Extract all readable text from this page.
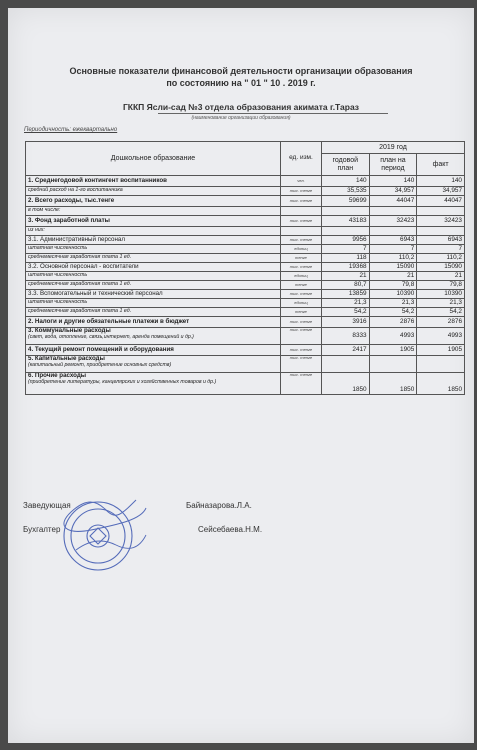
Основные показатели финансовой деятельности организации образования
по состоянию на " 01 " 10 . 2019 г.
ГККП Ясли-сад №3 отдела образования акимата г.Тараз
(наименование организации образования)
Периодичность: ежеквартально
Дошкольное образование	ед. изм.	2019 год		
		годовой план	план на период	факт
1. Среднегодовой контингент воспитанников	чел.	140	140	140
средний расход на 1-го воспитанника	тыс. тенге	35,535	34,957	34,957
2. Всего расходы, тыс.тенге	тыс. тенге	59699	44047	44047
в том числе:				
3. Фонд заработной платы	тыс. тенге	43183	32423	32423
из них:				
3.1. Административный персонал	тыс. тенге	9956	6943	6943
штатная численность	единиц	7	7	7
среднемесячная заработная плата 1 ед.	тенге	118	110,2	110,2
3.2. Основной персонал - воспитатели	тыс. тенге	19368	15090	15090
штатная численность	единиц	21	21	21
среднемесячная заработная плата 1 ед.	тенге	80,7	79,8	79,8
3.3. Вспомогательный и технический персонал	тыс. тенге	13859	10390	10390
штатная численность	единиц	21,3	21,3	21,3
среднемесячная заработная плата 1 ед.	тенге	54,2	54,2	54,2
2. Налоги и другие обязательные платежи в бюджет	тыс. тенге	3916	2876	2876

3. Коммунальные расходы
(свет, вода, отопление, связь,интернет, аренда помещений и др.)	тыс. тенге	8333	4993	4993
4. Текущий ремонт помещений и оборудования	тыс. тенге	2417	1905	1905

5. Капитальные расходы
(капитальный ремонт, приобретение основных средств)	тыс. тенге			

6. Прочие расходы
(приобретение литературы, канцелярских и хозяйственных товаров и др.)	тыс. тенге	1850	1850	1850
Заведующая	Байназарова.Л.А.
Бухгалтер	Сейсебаева.Н.М.
